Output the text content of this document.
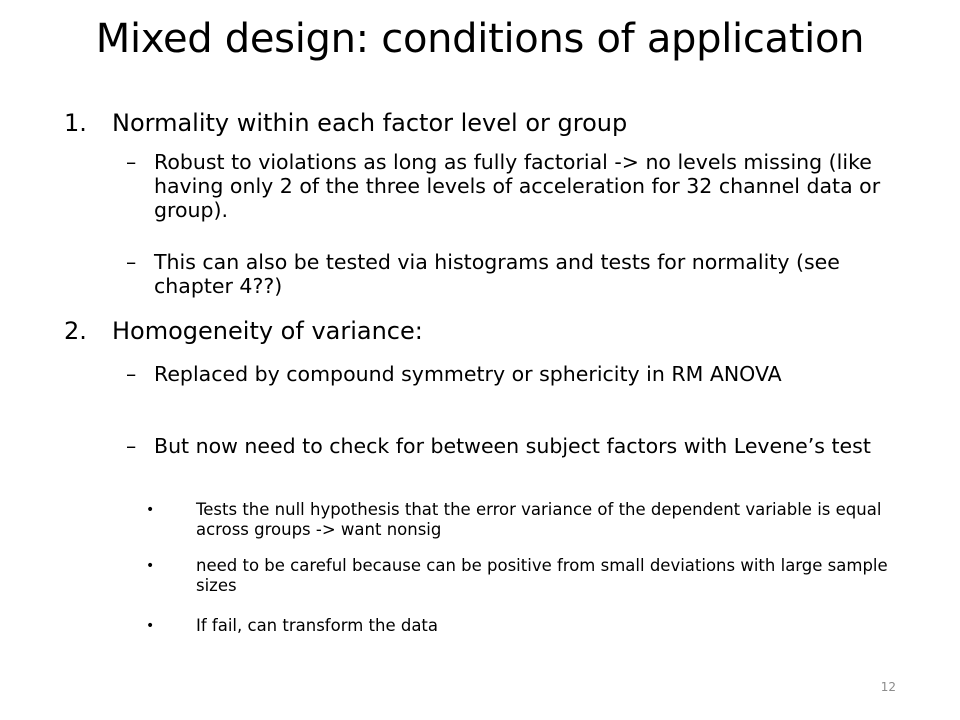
Mixed design: conditions of application
1. Normality within each factor level or group
– Robust to violations as long as fully factorial -> no levels missing (like having only 2 of the three levels of acceleration for 32 channel data or group).
– This can also be tested via histograms and tests for normality (see chapter 4??)
2. Homogeneity of variance:
– Replaced by compound symmetry or sphericity in RM ANOVA
– But now need to check for between subject factors with Levene’s test
•	Tests the null hypothesis that the error variance of the dependent variable is equal across groups -> want nonsig
•	need to be careful because can be positive from small deviations with large sample sizes
•	If fail, can transform the data
12
